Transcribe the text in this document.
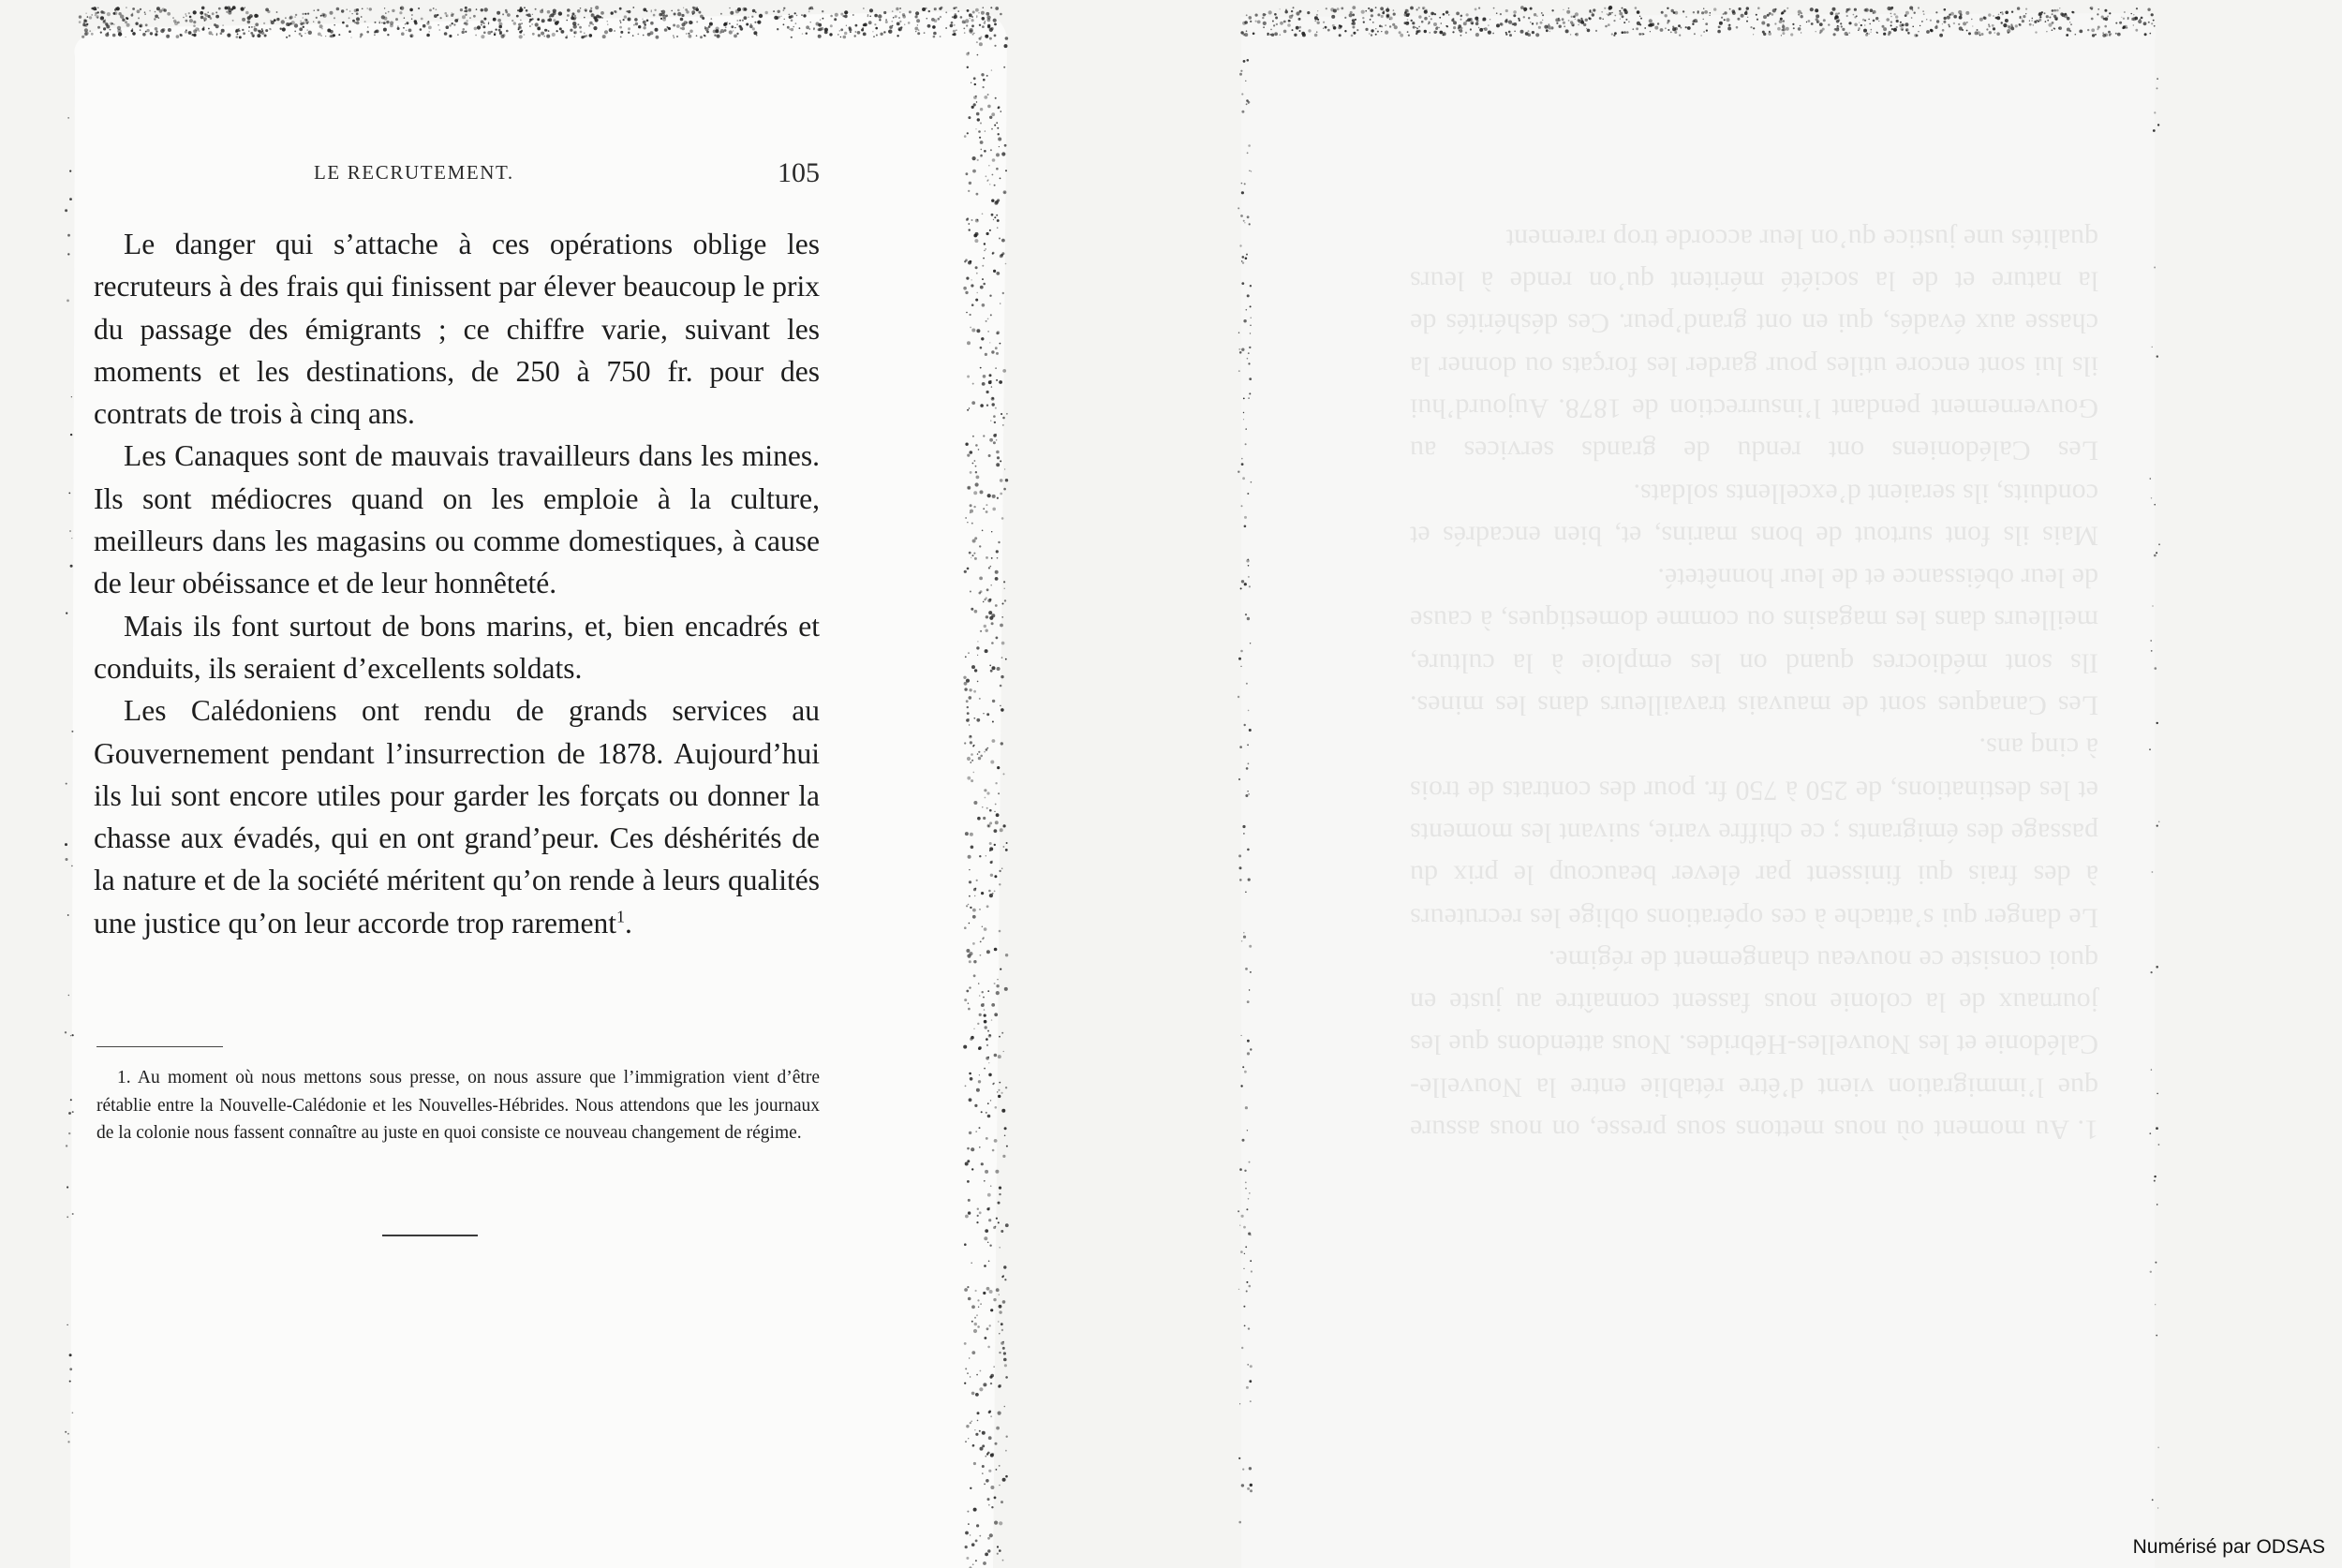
1. Au moment où nous mettons sous presse, on nous assure que l’immigration vient d’être rétablie entre la Nouvelle-Calédonie et les Nouvelles-Hébrides. Nous attendons que les journaux de la colonie nous fassent connaître au juste en quoi consiste ce nouveau changement de régime.

Le danger qui s’attache à ces opérations oblige les recruteurs à des frais qui finissent par élever beaucoup le prix du passage des émigrants ; ce chiffre varie, suivant les moments et les destinations, de 250 à 750 fr. pour des contrats de trois à cinq ans.

Les Canaques sont de mauvais travailleurs dans les mines. Ils sont médiocres quand on les emploie à la culture, meilleurs dans les magasins ou comme domestiques, à cause de leur obéissance et de leur honnêteté.

Mais ils font surtout de bons marins, et, bien encadrés et conduits, ils seraient d’excellents soldats.

Les Calédoniens ont rendu de grands services au Gouvernement pendant l’insurrection de 1878. Aujourd’hui ils lui sont encore utiles pour garder les forçats ou donner la chasse aux évadés, qui en ont grand’peur. Ces déshérités de la nature et de la société méritent qu’on rende à leurs qualités une justice qu’on leur accorde trop rarement

LE RECRUTEMENT.	105

Le danger qui s’attache à ces opérations oblige les recruteurs à des frais qui finissent par élever beaucoup le prix du passage des émigrants ; ce chiffre varie, suivant les moments et les destinations, de 250 à 750 fr. pour des contrats de trois à cinq ans.

Les Canaques sont de mauvais travailleurs dans les mines. Ils sont médiocres quand on les emploie à la culture, meilleurs dans les magasins ou comme domestiques, à cause de leur obéissance et de leur honnêteté.

Mais ils font surtout de bons marins, et, bien encadrés et conduits, ils seraient d’excellents soldats.

Les Calédoniens ont rendu de grands services au Gouvernement pendant l’insurrection de 1878. Aujourd’hui ils lui sont encore utiles pour garder les forçats ou donner la chasse aux évadés, qui en ont grand’peur. Ces déshérités de la nature et de la société méritent qu’on rende à leurs qualités une justice qu’on leur accorde trop rarement$^1$.

1. Au moment où nous mettons sous presse, on nous assure que l’immigration vient d’être rétablie entre la Nouvelle-Calédonie et les Nouvelles-Hébrides. Nous attendons que les journaux de la colonie nous fassent connaître au juste en quoi consiste ce nouveau changement de régime.

Numérisé par ODSAS
